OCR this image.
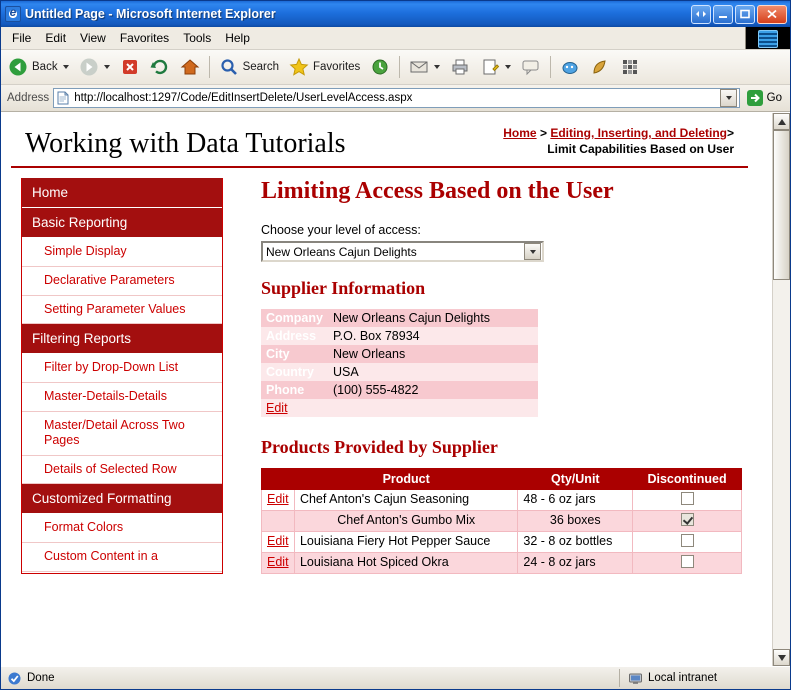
e
Untitled Page - Microsoft Internet Explorer
File	Edit	View	Favorites	Tools	Help
Back	Search	Favorites
Address http://localhost:1297/Code/EditInsertDelete/UserLevelAccess.aspx	Go
Working with Data Tutorials	Home > Editing, Inserting, and Deleting>
Limit Capabilities Based on User
Home
Basic Reporting
Simple Display
Declarative Parameters
Setting Parameter Values
Filtering Reports
Filter by Drop-Down List
Master-Details-Details
Master/Detail Across Two Pages
Details of Selected Row
Customized Formatting
Format Colors
Custom Content in a
Limiting Access Based on the User
Choose your level of access:
New Orleans Cajun Delights
Supplier Information
Company	New Orleans Cajun Delights
Address	P.O. Box 78934
City	New Orleans
Country	USA
Phone	(100) 555-4822
Edit	
Products Provided by Supplier
	Product	Qty/Unit	Discontinued
Edit	Chef Anton's Cajun Seasoning	48 - 6 oz jars	
	Chef Anton's Gumbo Mix	36 boxes	
Edit	Louisiana Fiery Hot Pepper Sauce	32 - 8 oz bottles	
Edit	Louisiana Hot Spiced Okra	24 - 8 oz jars	
Done	Local intranet
